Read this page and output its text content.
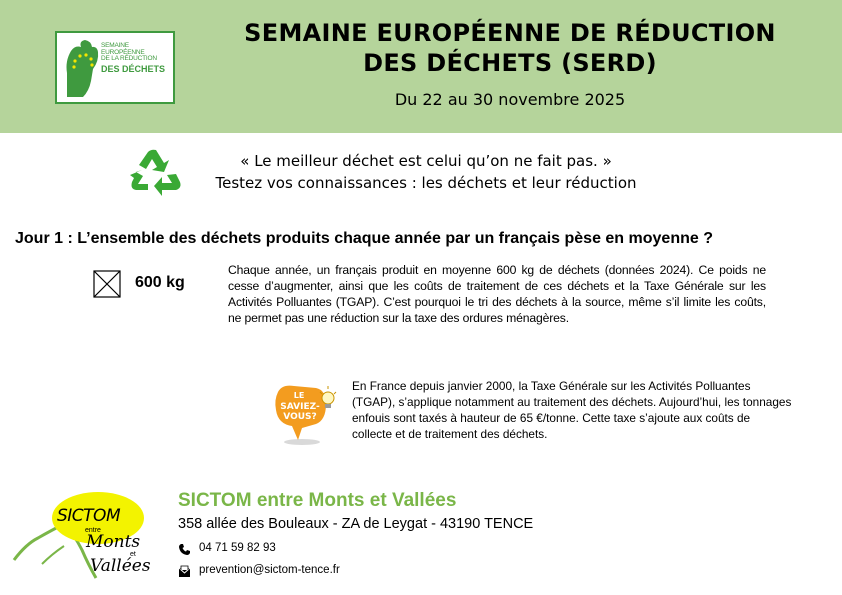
SEMAINE EUROPÉENNE
DE LA RÉDUCTION
DES DÉCHETS
SEMAINE EUROPÉENNE DE RÉDUCTION
DES DÉCHETS (SERD)
Du 22 au 30 novembre 2025
« Le meilleur déchet est celui qu’on ne fait pas. »
Testez vos connaissances : les déchets et leur réduction
Jour 1 : L’ensemble des déchets produits chaque année par un français pèse en moyenne ?
600 kg
Chaque année, un français produit en moyenne 600 kg de déchets (données 2024). Ce poids ne cesse d’augmenter, ainsi que les coûts de traitement de ces déchets et la Taxe Générale sur les Activités Polluantes (TGAP). C’est pourquoi le tri des déchets à la source, même s’il limite les coûts, ne permet pas une réduction sur la taxe des ordures ménagères.
LE
SAVIEZ-
VOUS?
En France depuis janvier 2000, la Taxe Générale sur les Activités Polluantes (TGAP), s’applique notamment au traitement des déchets. Aujourd’hui, les tonnages enfouis sont taxés à hauteur de 65 €/tonne. Cette taxe s’ajoute aux coûts de collecte et de traitement des déchets.
SICTOM
entre
Monts
et
Vallées
SICTOM entre Monts et Vallées
358 allée des Bouleaux - ZA de Leygat - 43190 TENCE
04 71 59 82 93
prevention@sictom-tence.fr
